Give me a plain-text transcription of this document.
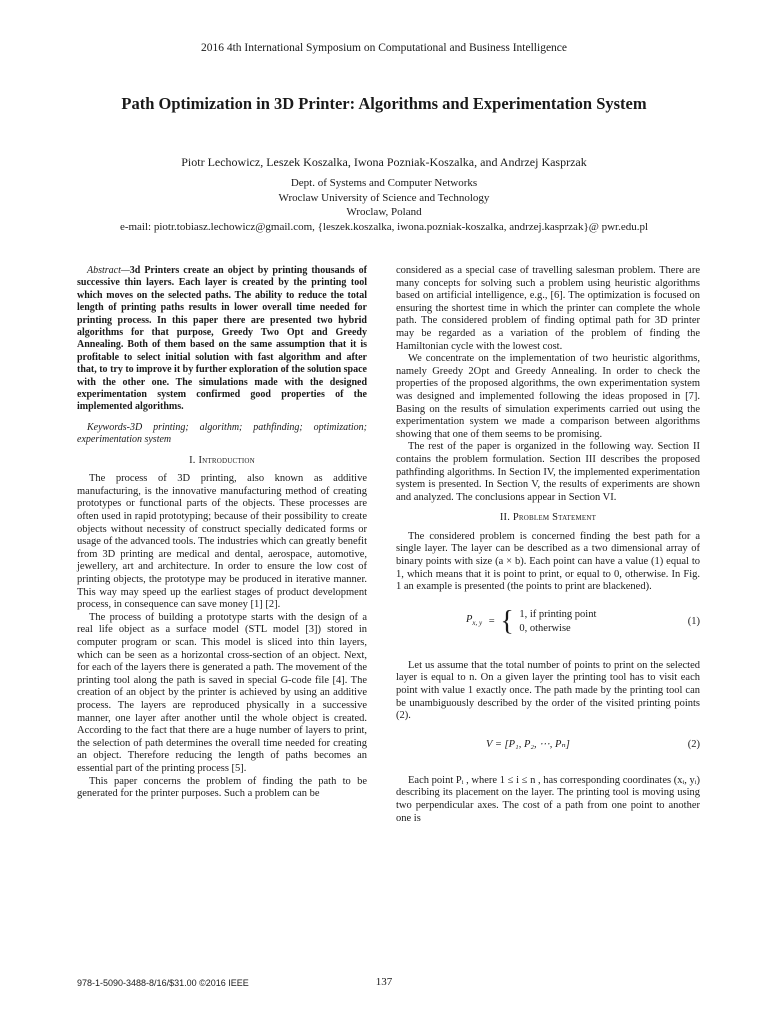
2016 4th International Symposium on Computational and Business Intelligence
Path Optimization in 3D Printer: Algorithms and Experimentation System
Piotr Lechowicz, Leszek Koszalka, Iwona Pozniak-Koszalka, and Andrzej Kasprzak
Dept. of Systems and Computer Networks
Wroclaw University of Science and Technology
Wroclaw, Poland
e-mail: piotr.tobiasz.lechowicz@gmail.com, {leszek.koszalka, iwona.pozniak-koszalka, andrzej.kasprzak}@ pwr.edu.pl

Abstract—3d Printers create an object by printing thousands of successive thin layers. Each layer is created by the printing tool which moves on the selected paths. The ability to reduce the total length of printing paths results in lower overall time needed for printing process. In this paper there are presented two hybrid algorithms for that purpose, Greedy Two Opt and Greedy Annealing. Both of them based on the same assumption that it is profitable to select initial solution with fast algorithm and after that, to try to improve it by further exploration of the solution space with the other one. The simulations made with the designed experimentation system confirmed good properties of the implemented algorithms.

Keywords-3D printing; algorithm; pathfinding; optimization; experimentation system

I. Introduction

The process of 3D printing, also known as additive manufacturing, is the innovative manufacturing method of creating prototypes or functional parts of the objects. These processes are often used in rapid prototyping; because of their possibility to create objects without necessity of construct specially dedicated forms or usage of the advanced tools. The industries which can greatly benefit from 3D printing are medical and dental, aerospace, automotive, jewellery, art and architecture. In order to ensure the low cost of printing objects, the prototype may be produced in iterative manner. This way may speed up the earliest stages of product development process, in consequence can save money [1] [2].

The process of building a prototype starts with the design of a real life object as a surface model (STL model [3]) stored in computer program or scan. This model is sliced into thin layers, which can be seen as a horizontal cross-section of an object. Next, for each of the layers there is generated a path. The movement of the printing tool along the path is saved in special G-code file [4]. The creation of an object by the printer is achieved by using an additive process. The layers are reproduced physically in a successive manner, one layer after another until the whole object is created. According to the fact that there are a huge number of layers to print, the selection of path determines the overall time needed for creating an object. Therefore reducing the length of paths becomes an essential part of the printing process [5].

This paper concerns the problem of finding the path to be generated for the printer purposes. Such a problem can be

considered as a special case of travelling salesman problem. There are many concepts for solving such a problem using heuristic algorithms based on artificial intelligence, e.g., [6]. The optimization is focused on ensuring the shortest time in which the printer can complete the whole path. The considered problem of finding optimal path for 3D printer may be regarded as a variation of the problem of finding the Hamiltonian cycle with the lowest cost.

We concentrate on the implementation of two heuristic algorithms, namely Greedy 2Opt and Greedy Annealing. In order to check the properties of the proposed algorithms, the own experimentation system was designed and implemented following the ideas proposed in [7]. Basing on the results of simulation experiments carried out using the experimentation system we made a comparison between algorithms showing that one of them seems to be promising.

The rest of the paper is organized in the following way. Section II contains the problem formulation. Section III describes the proposed pathfinding algorithms. In Section IV, the implemented experimentation system is presented. In Section V, the results of experiments are shown and analyzed. The conclusions appear in Section VI.

II. Problem Statement

The considered problem is concerned finding the best path for a single layer. The layer can be described as a two dimensional array of binary points with size (a × b). Each point can have a value (1) equal to 1, which means that it is point to print, or equal to 0, otherwise. In Fig. 1 an example is presented (the points to print are blackened).

$P_{x, y}$ = { 1, if printing point
0, otherwise
(1)

Let us assume that the total number of points to print on the selected layer is equal to n. On a given layer the printing tool has to visit each point with value 1 exactly once. The path made by the printing tool can be unambiguously described by the order of the visited printing points (2).

V = [P₁, P₂, ⋯, Pₙ]	(2)

Each point Pᵢ , where 1 ≤ i ≤ n , has corresponding coordinates (xᵢ, yᵢ) describing its placement on the layer. The printing tool is moving using two perpendicular axes. The cost of a path from one point to another one is

978-1-5090-3488-8/16/$31.00 ©2016 IEEE	137
